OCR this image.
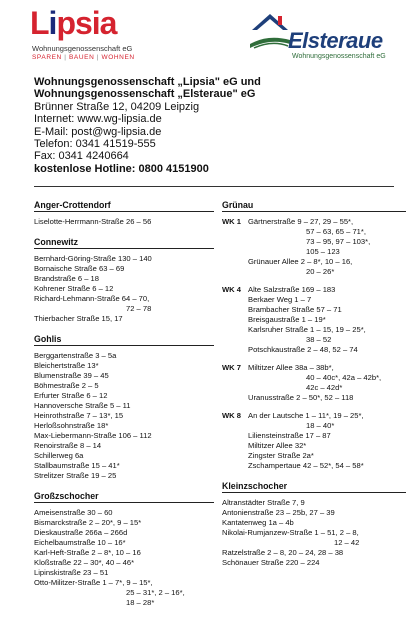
Lipsia
Wohnungsgenossenschaft eG
SPAREN | BAUEN | WOHNEN
Elsteraue
Wohnungsgenossenschaft eG
Wohnungsgenossenschaft „Lipsia" eG und
Wohnungsgenossenschaft „Elsteraue" eG
Brünner Straße 12, 04209 Leipzig
Internet: www.wg-lipsia.de
E-Mail: post@wg-lipsia.de
Telefon: 0341 41519-555
Fax: 0341 4240664
kostenlose Hotline: 0800 4151900
Anger-Crottendorf
Liselotte-Herrmann-Straße 26 – 56
Connewitz
Bernhard-Göring-Straße 130 – 140
Bornaische Straße 63 – 69
Brandstraße 6 – 18
Kohrener Straße 6 – 12
Richard-Lehmann-Straße 64 – 70,
72 – 78
Thierbacher Straße 15, 17
Gohlis
Berggartenstraße 3 – 5a
Bleichertstraße 13*
Blumenstraße 39 – 45
Böhmestraße 2 – 5
Erfurter Straße 6 – 12
Hannoversche Straße 5 – 11
Heinrothstraße 7 – 13*, 15
Herloßsohnstraße 18*
Max-Liebermann-Straße 106 – 112
Renoirstraße 8 – 14
Schillerweg 6a
Stallbaumstraße 15 – 41*
Strelitzer Straße 19 – 25
Großzschocher
Ameisenstraße 30 – 60
Bismarckstraße 2 – 20*, 9 – 15*
Dieskaustraße 266a – 266d
Eichelbaumstraße 10 – 16*
Karl-Heft-Straße 2 – 8*, 10 – 16
Kloßstraße 22 – 30*, 40 – 46*
Lipinskistraße 23 – 51
Otto-Militzer-Straße 1 – 7*, 9 – 15*,
25 – 31*, 2 – 16*,
18 – 28*
Grünau
WK 1 Gärtnerstraße 9 – 27, 29 – 55*,
57 – 63, 65 – 71*,
73 – 95, 97 – 103*,
105 – 123
Grünauer Allee 2 – 8*, 10 – 16,
20 – 26*
WK 4 Alte Salzstraße 169 – 183
Berkaer Weg 1 – 7
Brambacher Straße 57 – 71
Breisgaustraße 1 – 19*
Karlsruher Straße 1 – 15, 19 – 25*,
38 – 52
Potschkaustraße 2 – 48, 52 – 74
WK 7 Miltitzer Allee 38a – 38b*,
40 – 40c*, 42a – 42b*,
42c – 42d*
Uranusstraße 2 – 50*, 52 – 118
WK 8 An der Lautsche 1 – 11*, 19 – 25*,
18 – 40*
Liliensteinstraße 17 – 87
Miltitzer Allee 32*
Zingster Straße 2a*
Zschampertaue 42 – 52*, 54 – 58*
Kleinzschocher
Altranstädter Straße 7, 9
Antonienstraße 23 – 25b, 27 – 39
Kantatenweg 1a – 4b
Nikolai-Rumjanzew-Straße 1 – 51, 2 – 8,
12 – 42
Ratzelstraße 2 – 8, 20 – 24, 28 – 38
Schönauer Straße 220 – 224
